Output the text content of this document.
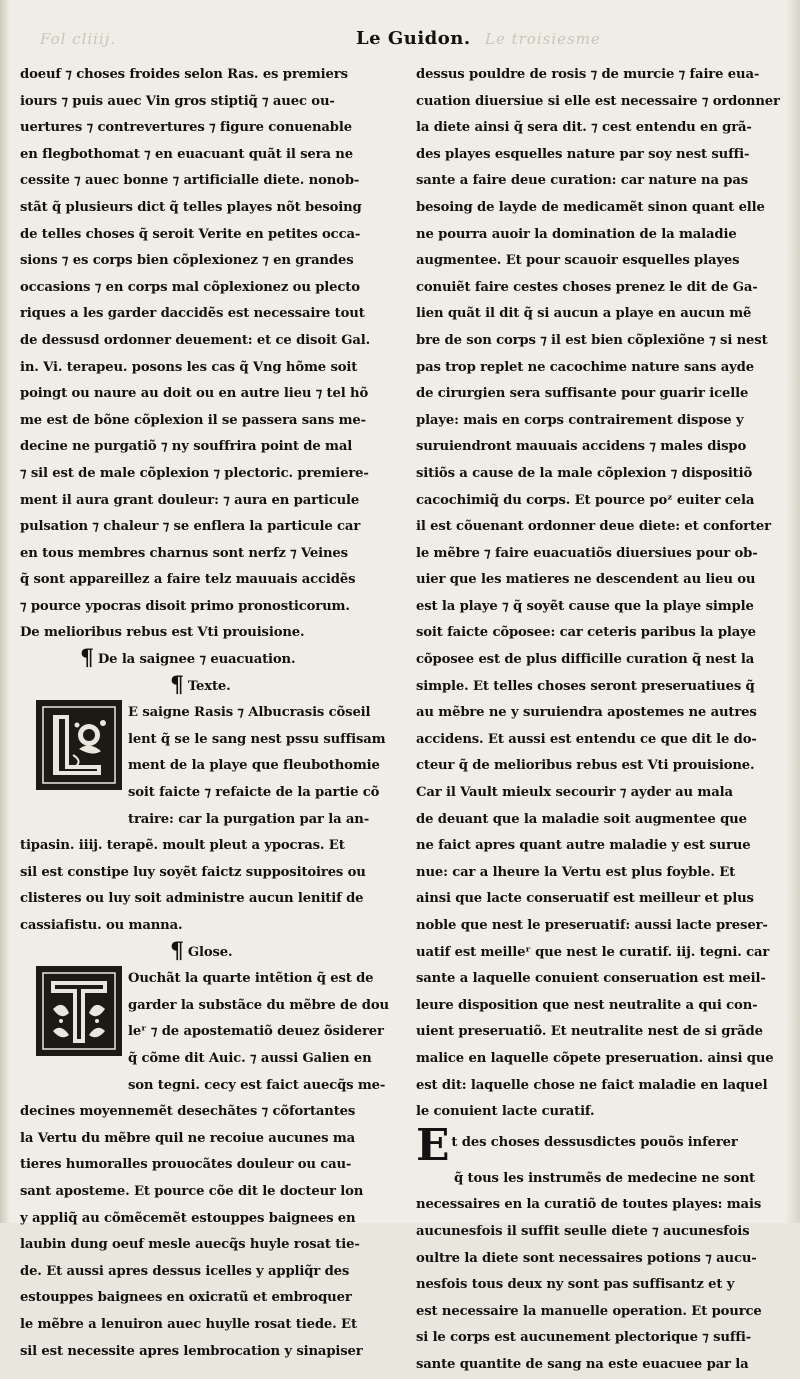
Fol cliiij.	Le troisiesme
Le Guidon.
doeuf ⁊ choses froides selon Ras. es premiers
iours ⁊ puis auec Vin gros stiptiq̃ ⁊ auec ou-
uertures ⁊ contrevertures ⁊ figure conuenable
en flegbothomat ⁊ en euacuant quãt il sera ne
cessite ⁊ auec bonne ⁊ artificialle diete. nonob-
stãt q̃ plusieurs dict q̃ telles playes nõt besoing
de telles choses q̃ seroit Verite en petites occa-
sions ⁊ es corps bien cõplexionez ⁊ en grandes
occasions ⁊ en corps mal cõplexionez ou plecto
riques a les garder daccidẽs est necessaire tout
de dessusd ordonner deuement: et ce disoit Gal.
in. Vi. terapeu. posons les cas q̃ Vng hõme soit
poingt ou naure au doit ou en autre lieu ⁊ tel hõ
me est de bõne cõplexion il se passera sans me-
decine ne purgatiõ ⁊ ny souffrira point de mal
⁊ sil est de male cõplexion ⁊ plectoric. premiere-
ment il aura grant douleur: ⁊ aura en particule
pulsation ⁊ chaleur ⁊ se enflera la particule car
en tous membres charnus sont nerfz ⁊ Veines
q̃ sont appareillez a faire telz mauuais accidẽs
⁊ pource ypocras disoit primo pronosticorum.
De melioribus rebus est Vti prouisione.
¶ De la saignee ⁊ euacuation.
¶ Texte.
E saigne Rasis ⁊ Albucrasis cõseil
lent q̃ se le sang nest pssu suffisam
ment de la playe que fleubothomie
soit faicte ⁊ refaicte de la partie cõ
traire: car la purgation par la an-
tipasin. iiij. terapẽ. moult pleut a ypocras. Et
sil est constipe luy soyẽt faictz suppositoires ou
clisteres ou luy soit administre aucun lenitif de
cassiafistu. ou manna.
¶ Glose.
Ouchãt la quarte intẽtion q̃ est de
garder la substãce du mẽbre de dou
leʳ ⁊ de apostematiõ deuez õsiderer
q̃ cõme dit Auic. ⁊ aussi Galien en
son tegni. cecy est faict auecq̃s me-
decines moyennemẽt desechãtes ⁊ cõfortantes
la Vertu du mẽbre quil ne recoiue aucunes ma
tieres humoralles prouocãtes douleur ou cau-
sant aposteme. Et pource cõe dit le docteur lon
y appliq̃ au cõmẽcemẽt estouppes baignees en
laubin dung oeuf mesle auecq̃s huyle rosat tie-
de. Et aussi apres dessus icelles y appliq̃r des
estouppes baignees en oxicratũ et embroquer
le mẽbre a lenuiron auec huylle rosat tiede. Et
sil est necessite apres lembrocation y sinapiser
dessus pouldre de rosis ⁊ de murcie ⁊ faire eua-
cuation diuersiue si elle est necessaire ⁊ ordonner
la diete ainsi q̃ sera dit. ⁊ cest entendu en grã-
des playes esquelles nature par soy nest suffi-
sante a faire deue curation: car nature na pas
besoing de layde de medicamẽt sinon quant elle
ne pourra auoir la domination de la maladie
augmentee. Et pour scauoir esquelles playes
conuiẽt faire cestes choses prenez le dit de Ga-
lien quãt il dit q̃ si aucun a playe en aucun mẽ
bre de son corps ⁊ il est bien cõplexiõne ⁊ si nest
pas trop replet ne cacochime nature sans ayde
de cirurgien sera suffisante pour guarir icelle
playe: mais en corps contrairement dispose y
suruiendront mauuais accidens ⁊ males dispo
sitiõs a cause de la male cõplexion ⁊ dispositiõ
cacochimiq̃ du corps. Et pource poᶻ euiter cela
il est cõuenant ordonner deue diete: et conforter
le mẽbre ⁊ faire euacuatiõs diuersiues pour ob-
uier que les matieres ne descendent au lieu ou
est la playe ⁊ q̃ soyẽt cause que la playe simple
soit faicte cõposee: car ceteris paribus la playe
cõposee est de plus difficille curation q̃ nest la
simple. Et telles choses seront preseruatiues q̃
au mẽbre ne y suruiendra apostemes ne autres
accidens. Et aussi est entendu ce que dit le do-
cteur q̃ de melioribus rebus est Vti prouisione.
Car il Vault mieulx secourir ⁊ ayder au mala
de deuant que la maladie soit augmentee que
ne faict apres quant autre maladie y est surue
nue: car a lheure la Vertu est plus foyble. Et
ainsi que lacte conseruatif est meilleur et plus
noble que nest le preseruatif: aussi lacte preser-
uatif est meilleʳ que nest le curatif. iij. tegni. car
sante a laquelle conuient conseruation est meil-
leure disposition que nest neutralite a qui con-
uient preseruatiõ. Et neutralite nest de si grãde
malice en laquelle cõpete preseruation. ainsi que
est dit: laquelle chose ne faict maladie en laquel
le conuient lacte curatif.
Et des choses dessusdictes pouõs inferer
q̃ tous les instrumẽs de medecine ne sont
necessaires en la curatiõ de toutes playes: mais
aucunesfois il suffit seulle diete ⁊ aucunesfois
oultre la diete sont necessaires potions ⁊ aucu-
nesfois tous deux ny sont pas suffisantz et y
est necessaire la manuelle operation. Et pource
si le corps est aucunement plectorique ⁊ suffi-
sante quantite de sang na este euacuee par la
